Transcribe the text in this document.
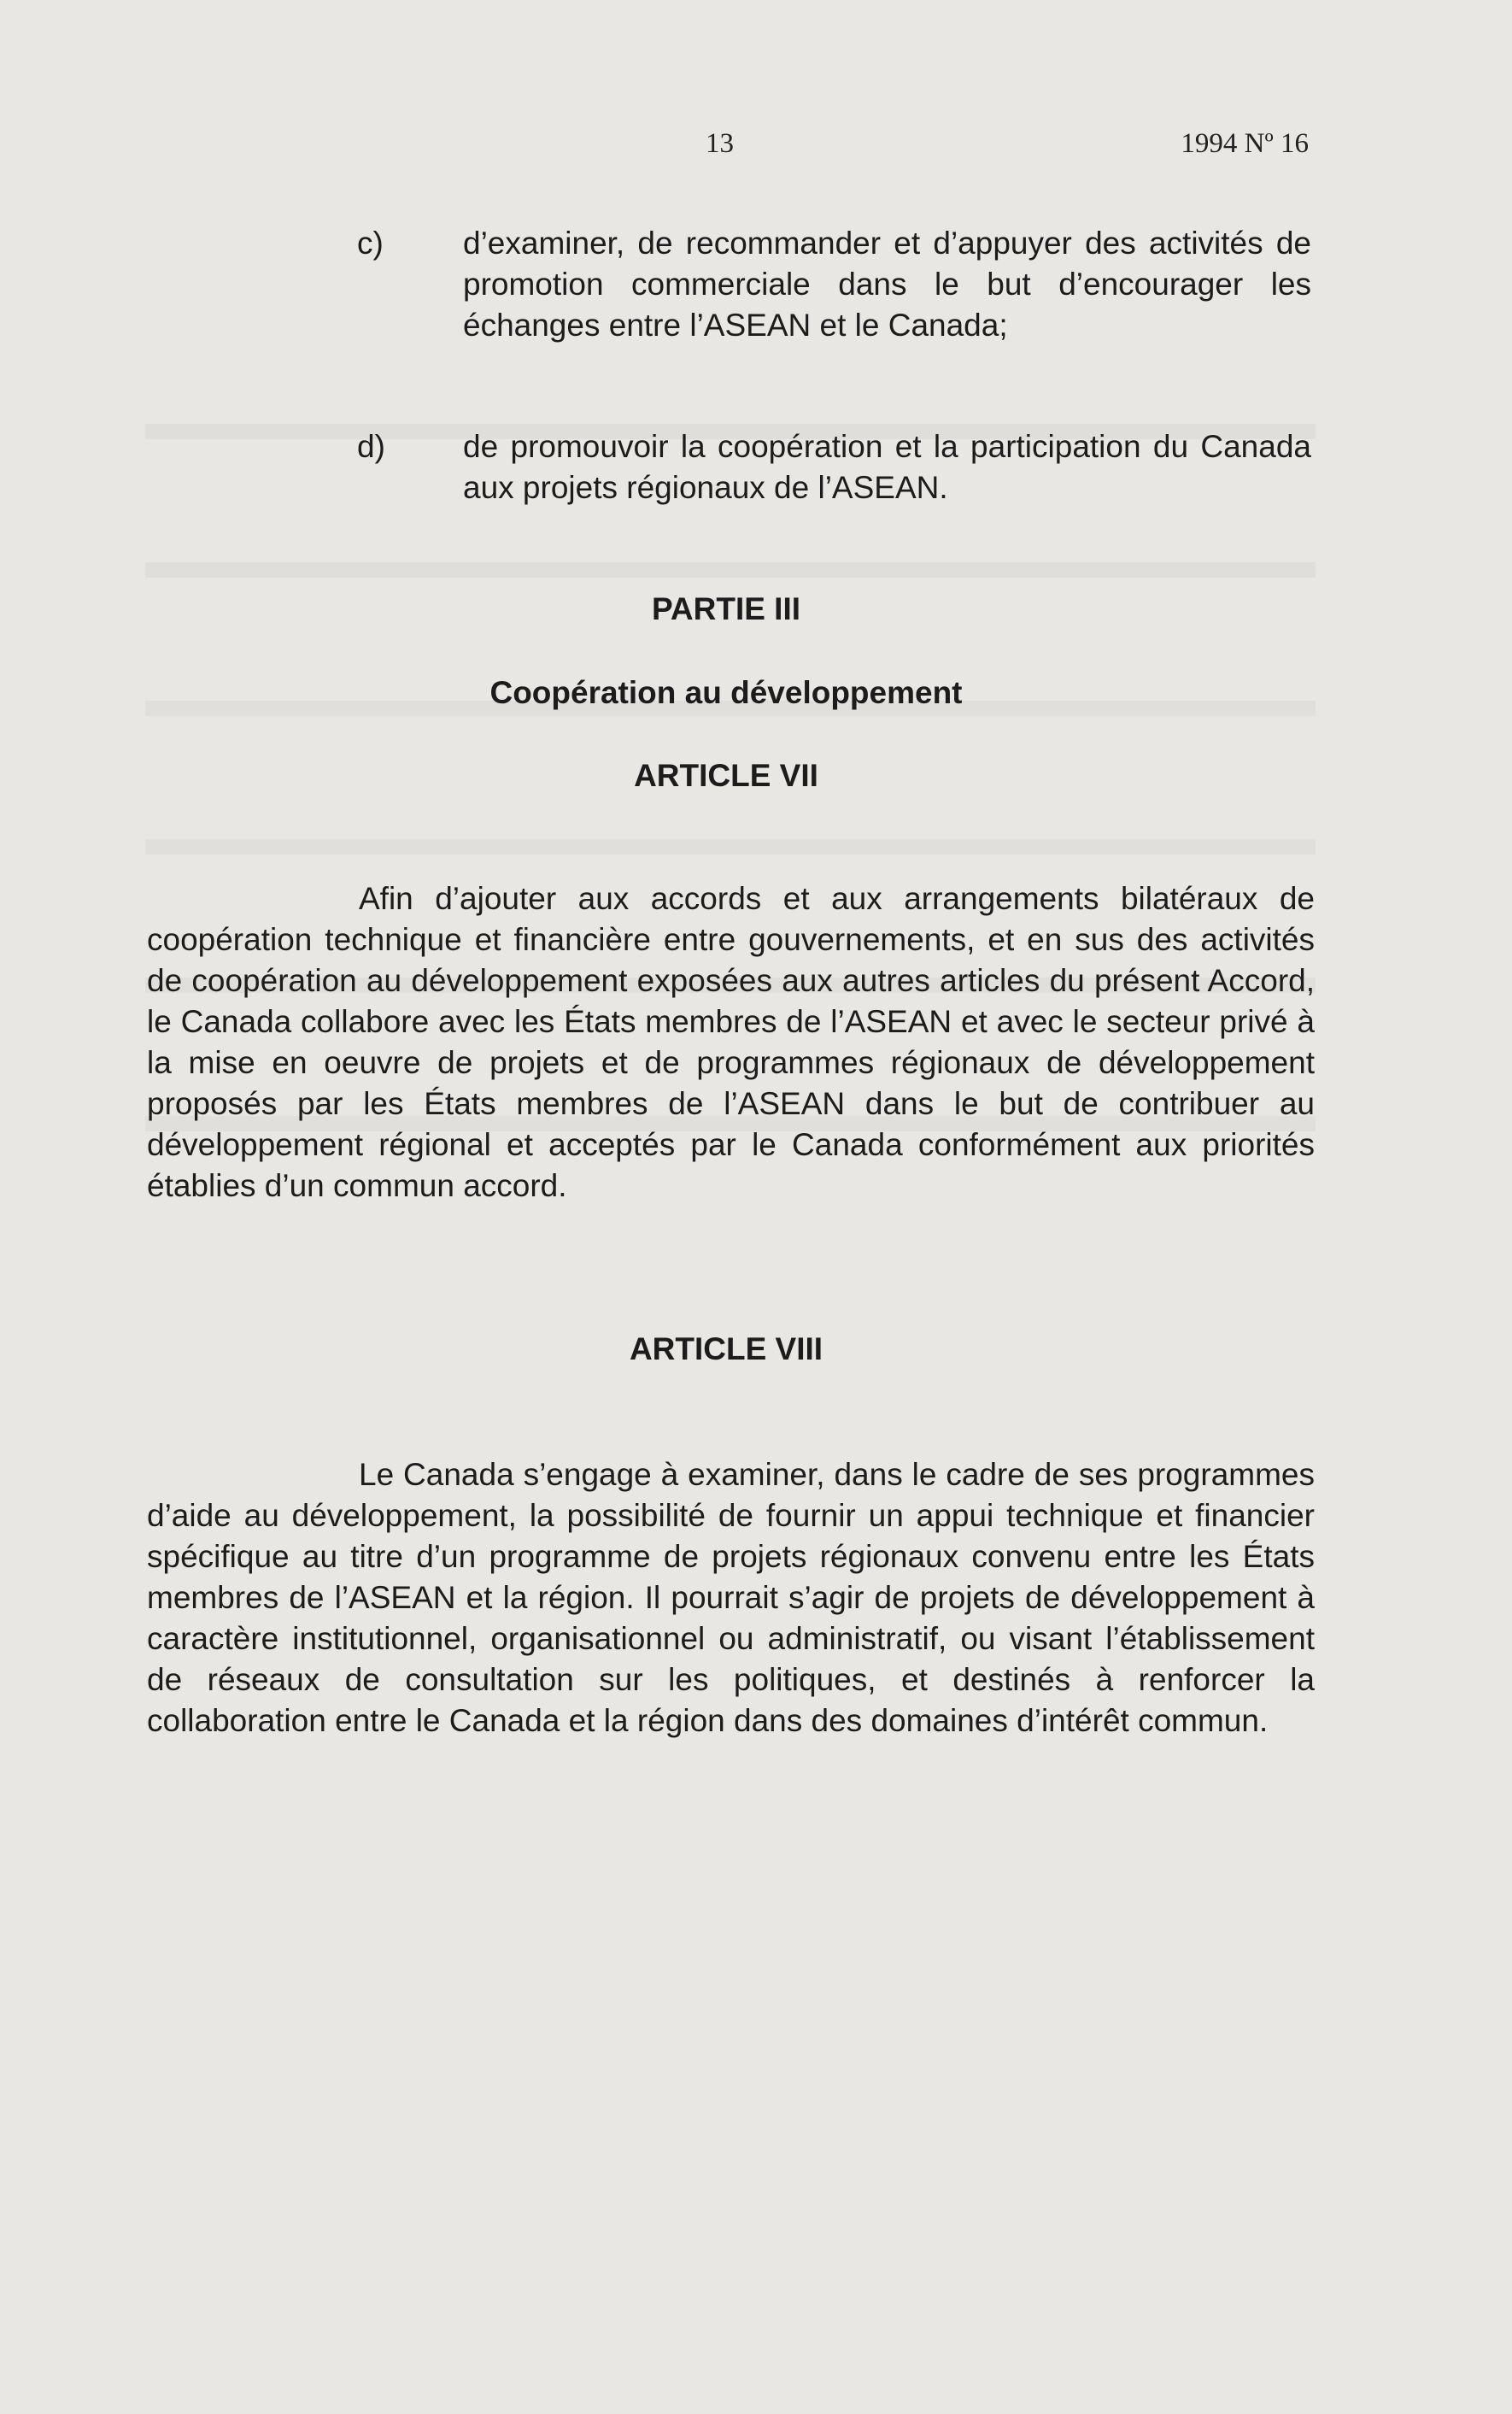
13	1994 Nº 16
c)	d’examiner, de recommander et d’appuyer des activités de promotion commerciale dans le but d’encourager les échanges entre l’ASEAN et le Canada;

d) de promouvoir la coopération et la participation du Canada aux projets régionaux de l’ASEAN.

PARTIE III
Coopération au développement
ARTICLE VII

Afin d’ajouter aux accords et aux arrangements bilatéraux de coopération technique et financière entre gouvernements, et en sus des activités de coopération au développement exposées aux autres articles du présent Accord, le Canada collabore avec les États membres de l’ASEAN et avec le secteur privé à la mise en oeuvre de projets et de programmes régionaux de développement proposés par les États membres de l’ASEAN dans le but de contribuer au développement régional et acceptés par le Canada conformément aux priorités établies d’un commun accord.

ARTICLE VIII

Le Canada s’engage à examiner, dans le cadre de ses programmes d’aide au développement, la possibilité de fournir un appui technique et financier spécifique au titre d’un programme de projets régionaux convenu entre les États membres de l’ASEAN et la région. Il pourrait s’agir de projets de développement à caractère institutionnel, organisationnel ou administratif, ou visant l’établissement de réseaux de consultation sur les politiques, et destinés à renforcer la collaboration entre le Canada et la région dans des domaines d’intérêt commun.
